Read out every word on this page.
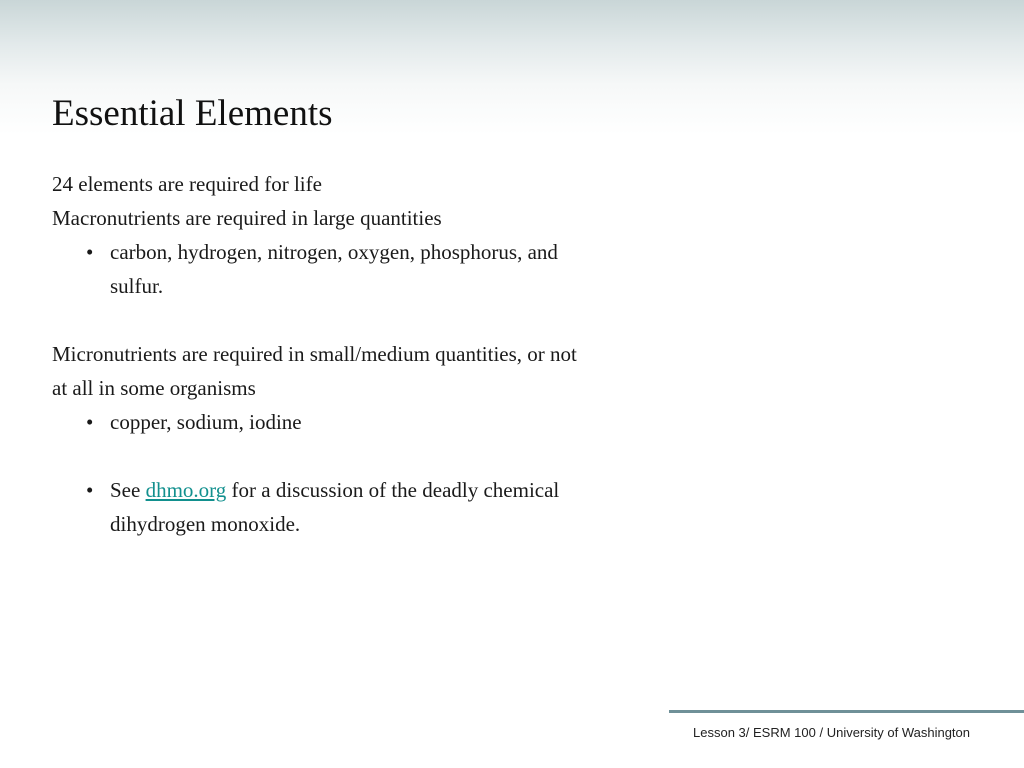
Essential Elements

24 elements are required for life

Macronutrients are required in large quantities

• carbon, hydrogen, nitrogen, oxygen, phosphorus, and
sulfur.

Micronutrients are required in small/medium quantities, or not
at all in some organisms

• copper, sodium, iodine
• See dhmo.org for a discussion of the deadly chemical
dihydrogen monoxide.
Lesson 3/ ESRM 100 / University of Washington
